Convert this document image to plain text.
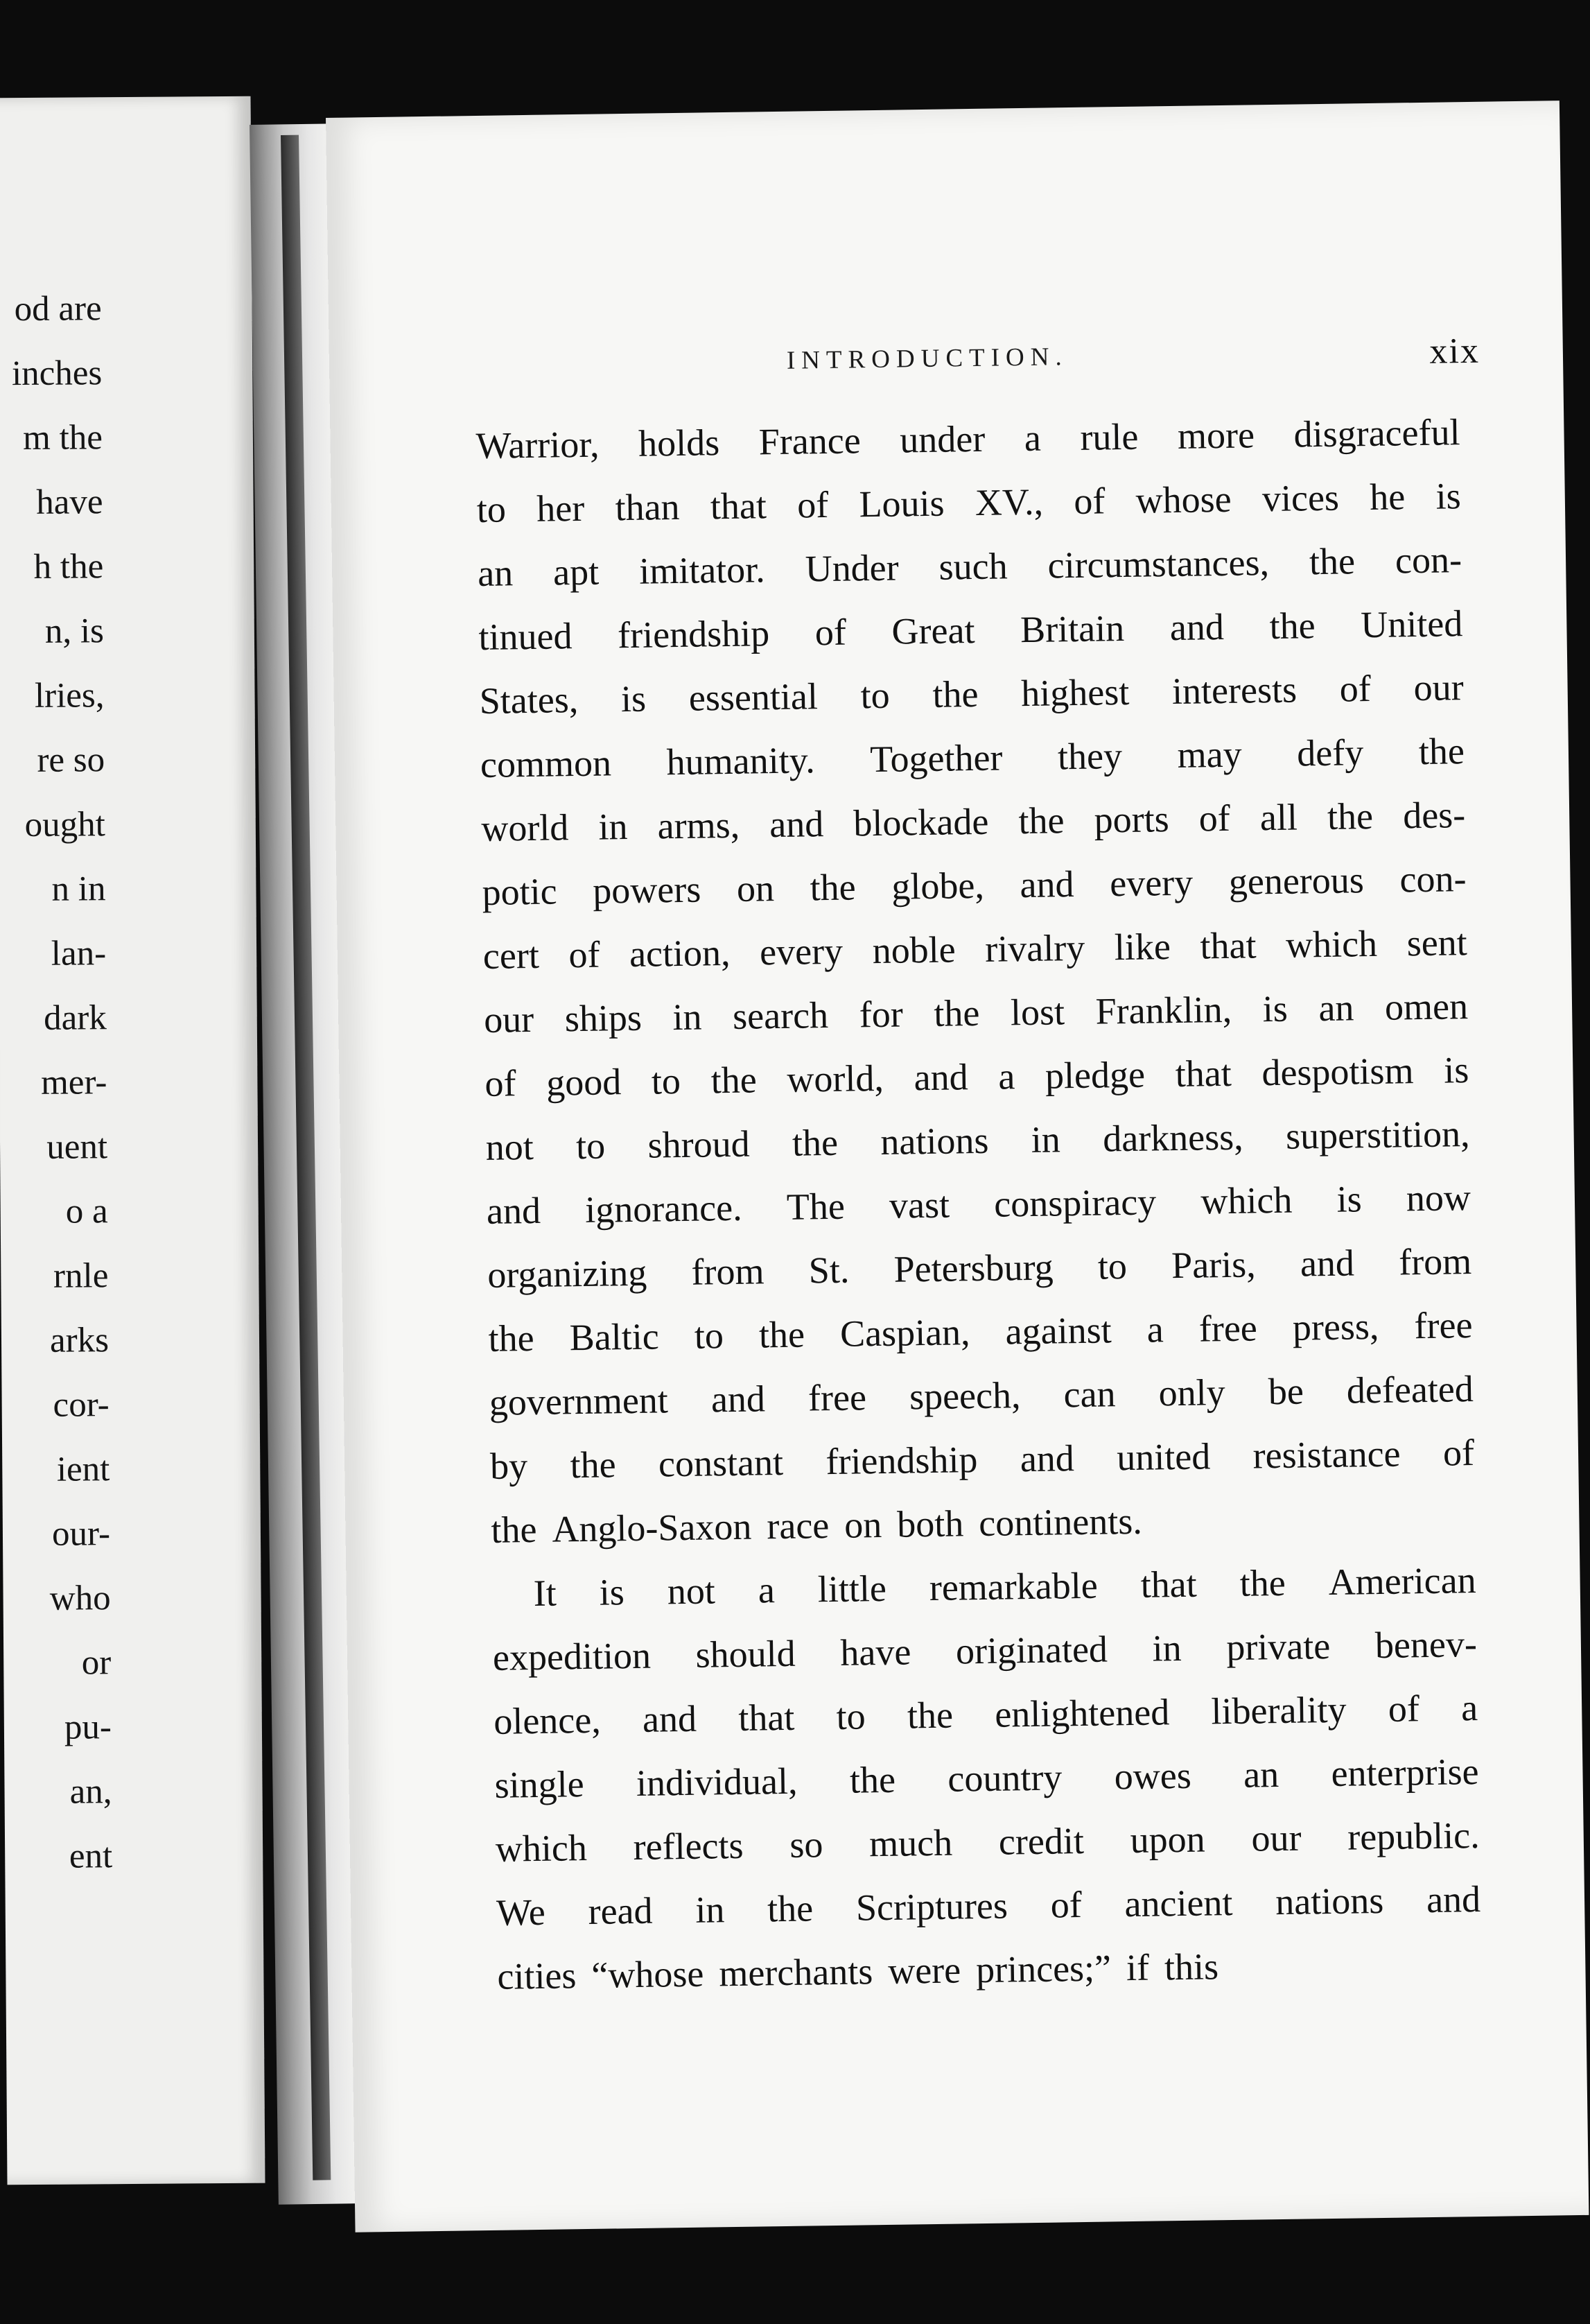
od are
inches
m the
have
h the
n, is
lries,
re so
ought
n in
lan-
dark
mer-
uent
o a
rnle
arks
cor-
ient
our-
who
or
pu-
an,
ent
INTRODUCTION.	xix
Warrior, holds France under a rule more disgraceful
to her than that of Louis XV., of whose vices he is
an apt imitator. Under such circumstances, the con-
tinued friendship of Great Britain and the United
States, is essential to the highest interests of our
common humanity. Together they may defy the
world in arms, and blockade the ports of all the des-
potic powers on the globe, and every generous con-
cert of action, every noble rivalry like that which sent
our ships in search for the lost Franklin, is an omen
of good to the world, and a pledge that despotism is
not to shroud the nations in darkness, superstition,
and ignorance. The vast conspiracy which is now
organizing from St. Petersburg to Paris, and from
the Baltic to the Caspian, against a free press, free
government and free speech, can only be defeated
by the constant friendship and united resistance of
the Anglo-Saxon race on both continents.
It is not a little remarkable that the American
expedition should have originated in private benev-
olence, and that to the enlightened liberality of a
single individual, the country owes an enterprise
which reflects so much credit upon our republic.
We read in the Scriptures of ancient nations and
cities “whose merchants were princes;” if this
